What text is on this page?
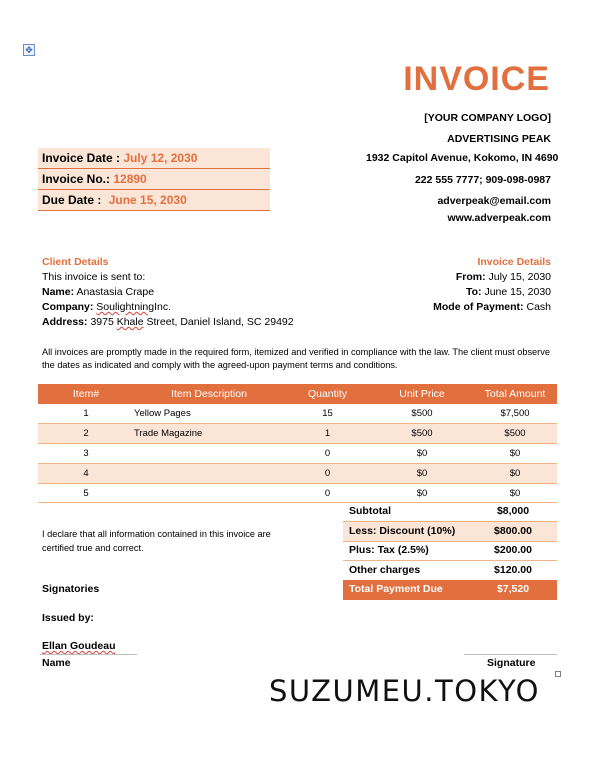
✥
INVOICE
[YOUR COMPANY LOGO]
ADVERTISING PEAK
1932 Capitol Avenue, Kokomo, IN 4690
222 555 7777; 909-098-0987
adverpeak@email.com
www.adverpeak.com
Invoice Date : July 12, 2030
Invoice No.: 12890
Due Date : June 15, 2030
Client Details
This invoice is sent to:
Name: Anastasia Crape
Company: SoulightningInc.
Address: 3975 Khale Street, Daniel Island, SC 29492
Invoice Details
From: July 15, 2030
To: June 15, 2030
Mode of Payment: Cash
All invoices are promptly made in the required form, itemized and verified in compliance with the law. The client must observe the dates as indicated and comply with the agreed-upon payment terms and conditions.
Item#	Item Description	Quantity	Unit Price	Total Amount
1	Yellow Pages	15	$500	$7,500
2	Trade Magazine	1	$500	$500
3		0	$0	$0
4		0	$0	$0
5		0	$0	$0
Subtotal	$8,000
Less: Discount (10%)	$800.00
Plus: Tax (2.5%)	$200.00
Other charges	$120.00
Total Payment Due	$7,520
I declare that all information contained in this invoice are certified true and correct.
Signatories
Issued by:
Ellan Goudeau
Name	Signature
SUZUMEU.TOKYO
